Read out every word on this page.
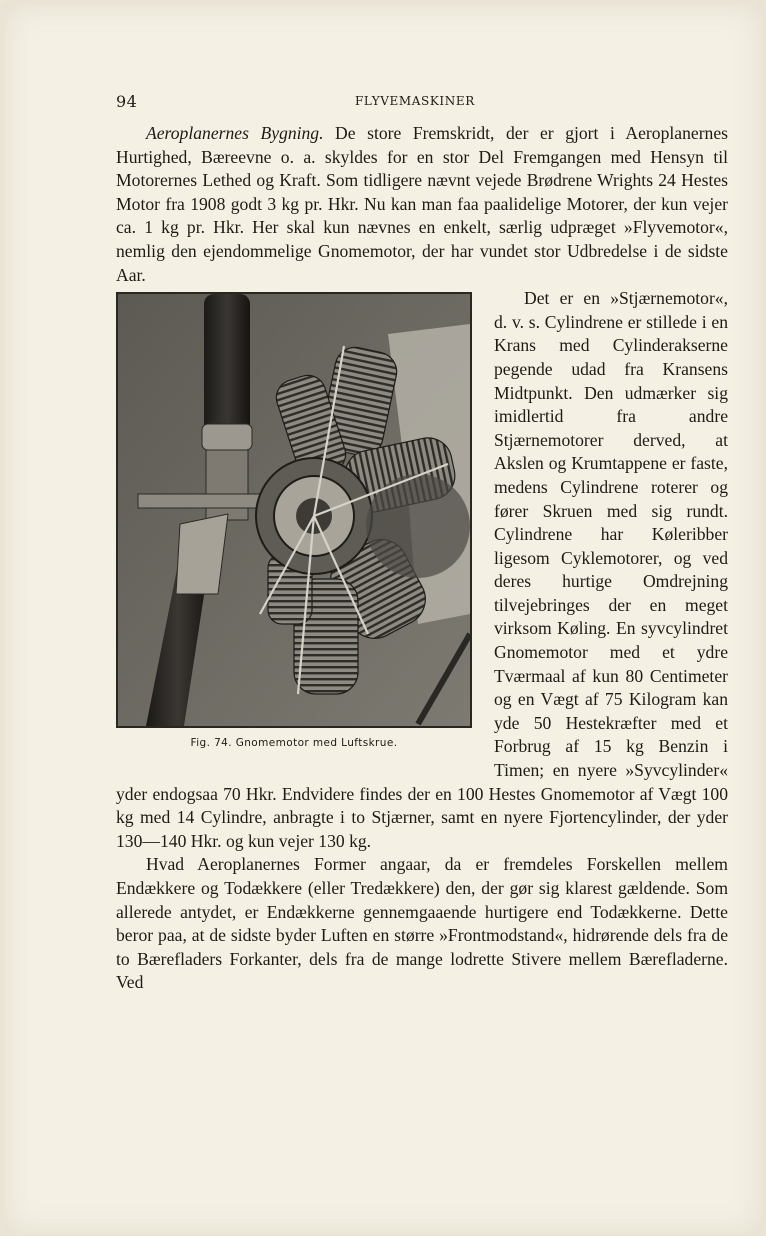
94	FLYVEMASKINER

Aeroplanernes Bygning. De store Fremskridt, der er gjort i Aeroplanernes Hurtighed, Bæreevne o. a. skyldes for en stor Del Fremgangen med Hensyn til Motorernes Lethed og Kraft. Som tidligere nævnt vejede Brødrene Wrights 24 Hestes Motor fra 1908 godt 3 kg pr. Hkr. Nu kan man faa paalidelige Motorer, der kun vejer ca. 1 kg pr. Hkr. Her skal kun nævnes en enkelt, særlig udpræget »Flyvemotor«, nemlig den ejendommelige Gnomemotor, der har vundet stor Udbredelse i de sidste Aar.

Fig. 74. Gnomemotor med Luftskrue.

Det er en »Stjærnemotor«, d. v. s. Cylindrene er stillede i en Krans med Cylinderakserne pegende udad fra Kransens Midtpunkt. Den udmærker sig imidlertid fra andre Stjærnemotorer derved, at Akslen og Krumtappene er faste, medens Cylindrene roterer og fører Skruen med sig rundt. Cylindrene har Køleribber ligesom Cyklemotorer, og ved deres hurtige Omdrejning tilvejebringes der en meget virksom Køling. En syvcylindret Gnomemotor med et ydre Tværmaal af kun 80 Centimeter og en Vægt af 75 Kilogram kan yde 50 Hestekræfter med et Forbrug af 15 kg Benzin i Timen; en nyere »Syvcylinder« yder endogsaa 70 Hkr. Endvidere findes der en 100 Hestes Gnomemotor af Vægt 100 kg med 14 Cylindre, anbragte i to Stjærner, samt en nyere Fjortencylinder, der yder 130—140 Hkr. og kun vejer 130 kg.

Hvad Aeroplanernes Former angaar, da er fremdeles Forskellen mellem Endækkere og Todækkere (eller Tredækkere) den, der gør sig klarest gældende. Som allerede antydet, er Endækkerne gennemgaaende hurtigere end Todækkerne. Dette beror paa, at de sidste byder Luften en større »Frontmodstand«, hidrørende dels fra de to Bærefladers Forkanter, dels fra de mange lodrette Stivere mellem Bærefladerne. Ved
